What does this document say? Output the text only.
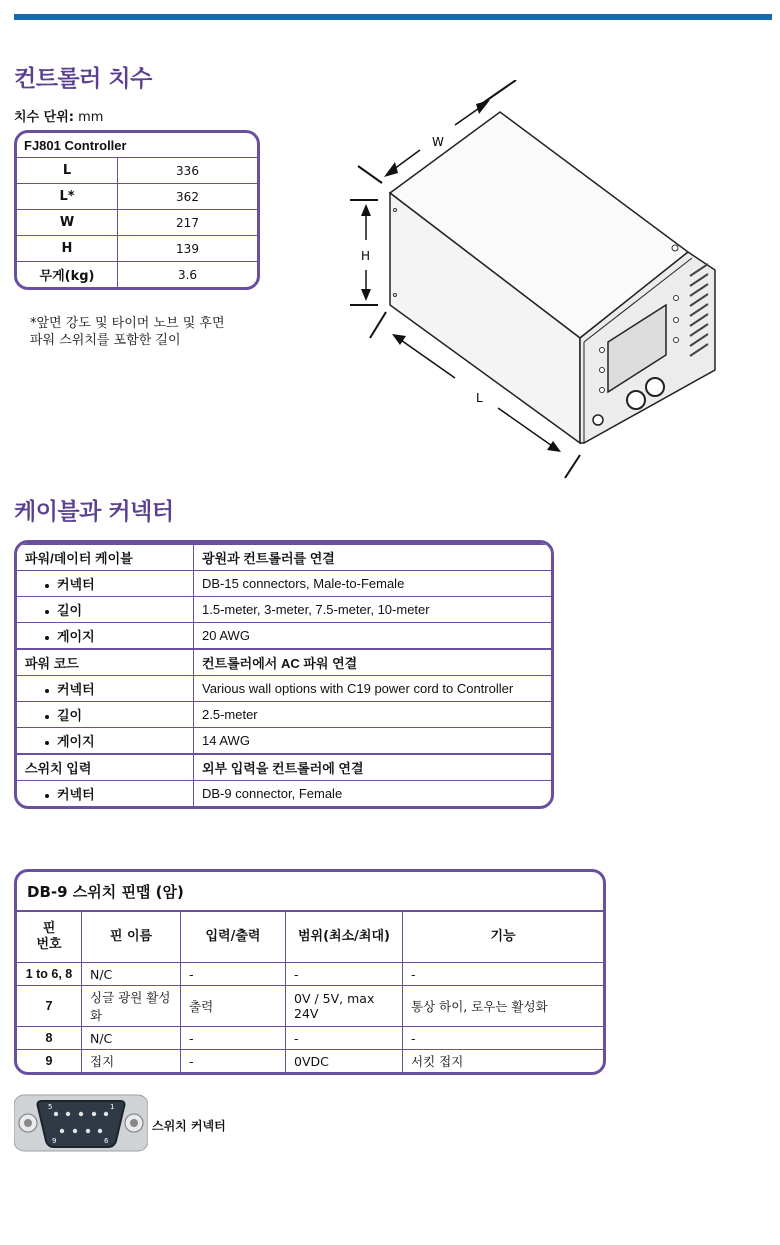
컨트롤러 치수
치수 단위: mm
FJ801 Controller
L	336
L*	362
W	217
H	139
무게(kg)	3.6
*앞면 강도 및 타이머 노브 및 후면
파워 스위치를 포함한 길이
W
H
L
케이블과 커넥터
파워/데이터 케이블	광원과 컨트롤러를 연결
커넥터	DB-15 connectors, Male-to-Female
길이	1.5-meter, 3-meter, 7.5-meter, 10-meter
게이지	20 AWG
파워 코드	컨트롤러에서 AC 파워 연결
커넥터	Various wall options with C19 power cord to Controller
길이	2.5-meter
게이지	14 AWG
스위치 입력	외부 입력을 컨트롤러에 연결
커넥터	DB-9 connector, Female
DB-9 스위치 핀맵 (암)
핀
번호	핀 이름	입력/출력	범위(최소/최대)	기능
1 to 6, 8	N/C	-	-	-
7	싱글 광원 활성화	출력	0V / 5V, max 24V	통상 하이, 로우는 활성화
8	N/C	-	-	-
9	접지	-	0VDC	서킷 접지
5	1
9	6
스위치 커넥터
